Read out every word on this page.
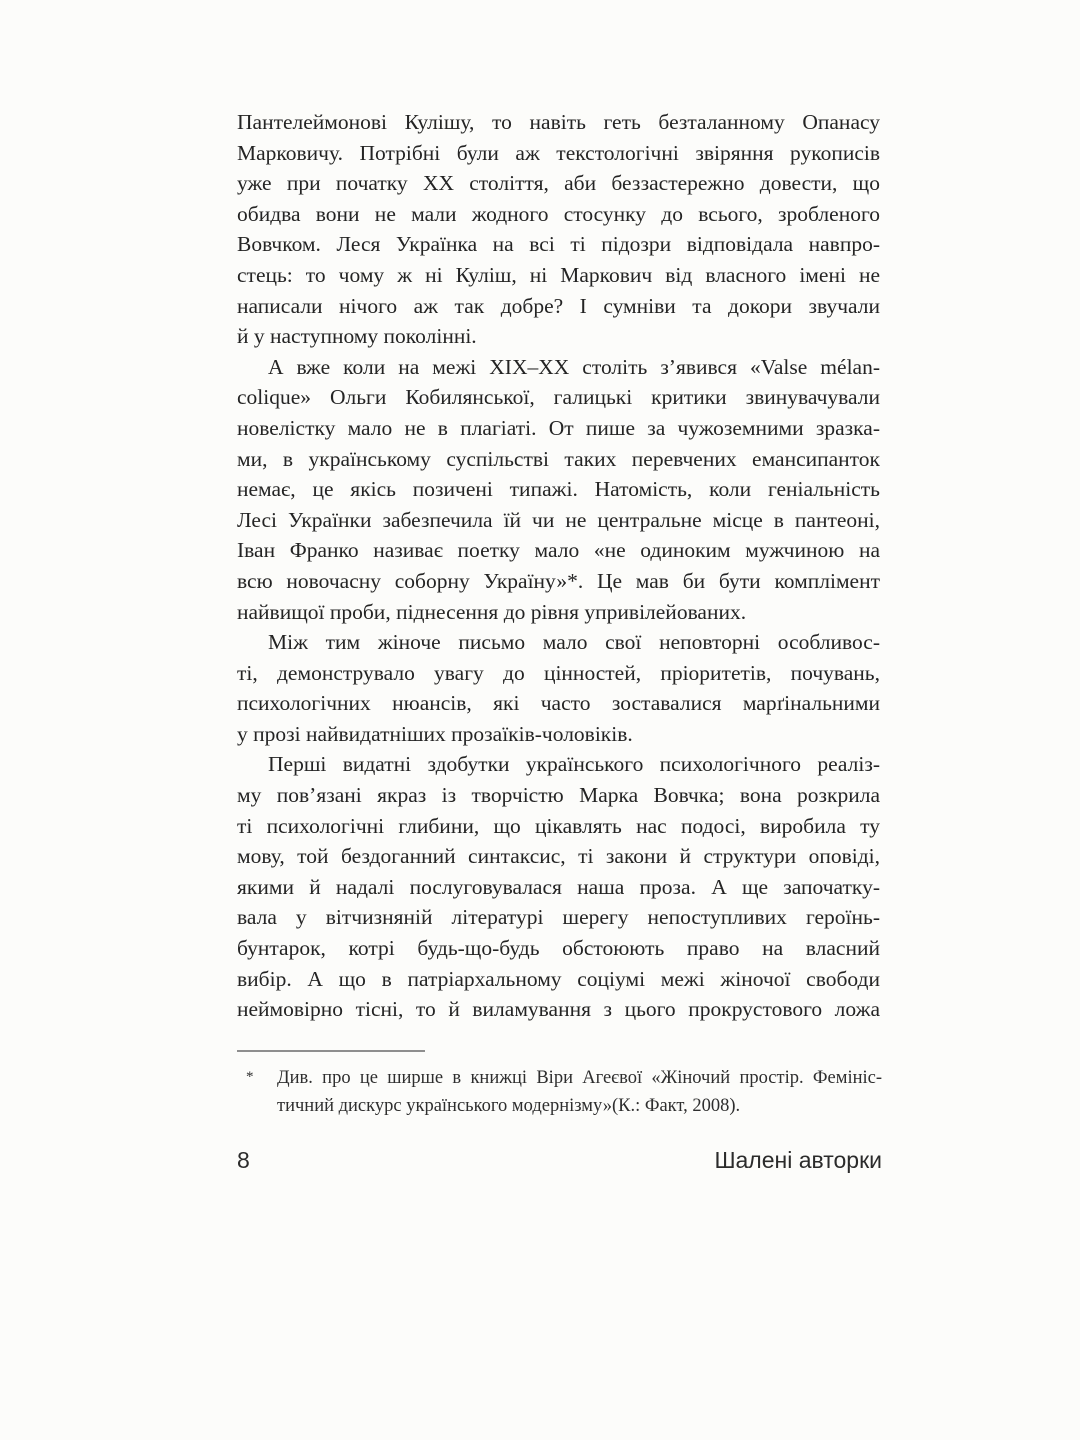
Пантелеймонові Кулішу, то навіть геть безталанному Опанасу
Марковичу. Потрібні були аж текстологічні звіряння рукописів
уже при початку XX століття, аби беззастережно довести, що
обидва вони не мали жодного стосунку до всього, зробленого
Вовчком. Леся Українка на всі ті підозри відповідала навпро-
стець: то чому ж ні Куліш, ні Маркович від власного імені не
написали нічого аж так добре? І сумніви та докори звучали
й у наступному поколінні.
А вже коли на межі XIX–XX століть з’явився «Valse mélan-
colique» Ольги Кобилянської, галицькі критики звинувачували
новелістку мало не в плагіаті. От пише за чужоземними зразка-
ми, в українському суспільстві таких перевчених емансипанток
немає, це якісь позичені типажі. Натомість, коли геніальність
Лесі Українки забезпечила їй чи не центральне місце в пантеоні,
Іван Франко називає поетку мало «не одиноким мужчиною на
всю новочасну соборну Україну»*. Це мав би бути комплімент
найвищої проби, піднесення до рівня упривілейованих.
Між тим жіноче письмо мало свої неповторні особливос-
ті, демонструвало увагу до цінностей, пріоритетів, почувань,
психологічних нюансів, які часто зоставалися марґінальними
у прозі найвидатніших прозаїків-чоловіків.
Перші видатні здобутки українського психологічного реаліз-
му пов’язані якраз із творчістю Марка Вовчка; вона розкрила
ті психологічні глибини, що цікавлять нас подосі, виробила ту
мову, той бездоганний синтаксис, ті закони й структури оповіді,
якими й надалі послуговувалася наша проза. А ще започатку-
вала у вітчизняній літературі шерегу непоступливих героїнь-
бунтарок, котрі будь-що-будь обстоюють право на власний
вибір. А що в патріархальному соціумі межі жіночої свободи
неймовірно тісні, то й виламування з цього прокрустового ложа
*	Див. про це ширше в книжці Віри Агеєвої «Жіночий простір. Фемініс-
тичний дискурс українського модернізму»(К.: Факт, 2008).
8	Шалені авторки
